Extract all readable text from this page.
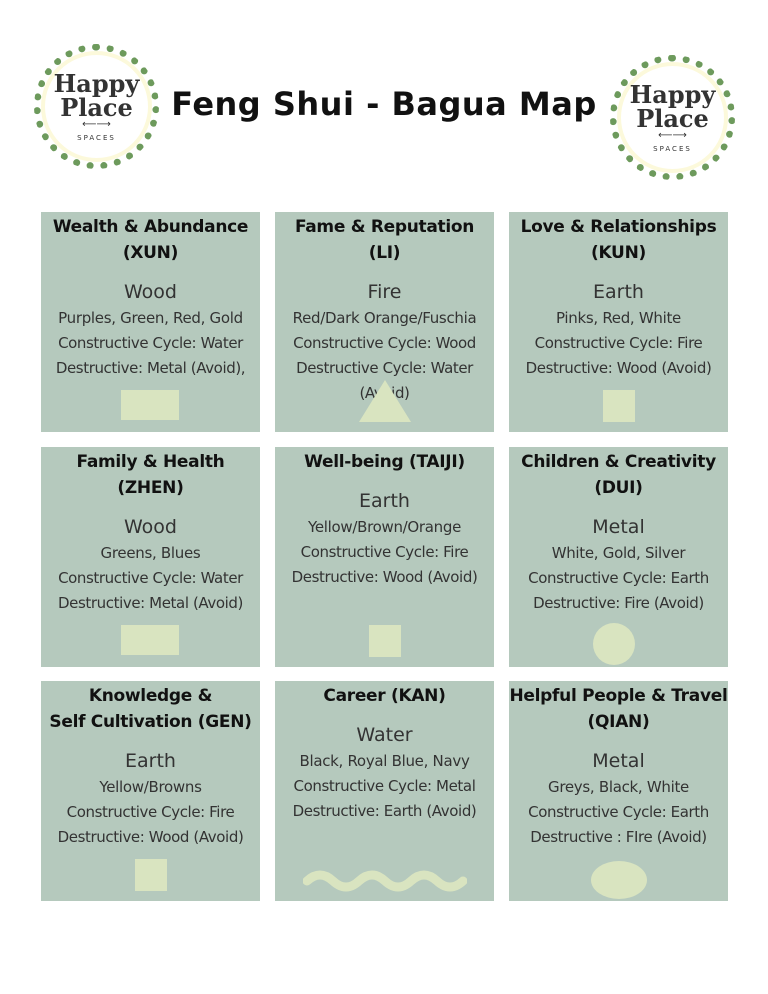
Happy
Place
⟵⟶
SPACES
Happy
Place
⟵⟶
SPACES
Feng Shui - Bagua Map
Wealth & Abundance
(XUN)
Wood
Purples, Green, Red, Gold
Constructive Cycle: Water
Destructive: Metal (Avoid),
Fame & Reputation
(LI)
Fire
Red/Dark Orange/Fuschia
Constructive Cycle: Wood
Destructive Cycle: Water (Avoid)
Love & Relationships
(KUN)
Earth
Pinks, Red, White
Constructive Cycle: Fire
Destructive: Wood (Avoid)
Family & Health
(ZHEN)
Wood
Greens, Blues
Constructive Cycle: Water
Destructive: Metal (Avoid)
Well-being (TAIJI)
Earth
Yellow/Brown/Orange
Constructive Cycle: Fire
Destructive: Wood (Avoid)
Children & Creativity
(DUI)
Metal
White, Gold, Silver
Constructive Cycle: Earth
Destructive: Fire (Avoid)
Knowledge &
Self Cultivation (GEN)
Earth
Yellow/Browns
Constructive Cycle: Fire
Destructive: Wood (Avoid)
Career (KAN)
Water
Black, Royal Blue, Navy
Constructive Cycle: Metal
Destructive: Earth (Avoid)
Helpful People & Travel
(QIAN)
Metal
Greys, Black, White
Constructive Cycle: Earth
Destructive : FIre (Avoid)
